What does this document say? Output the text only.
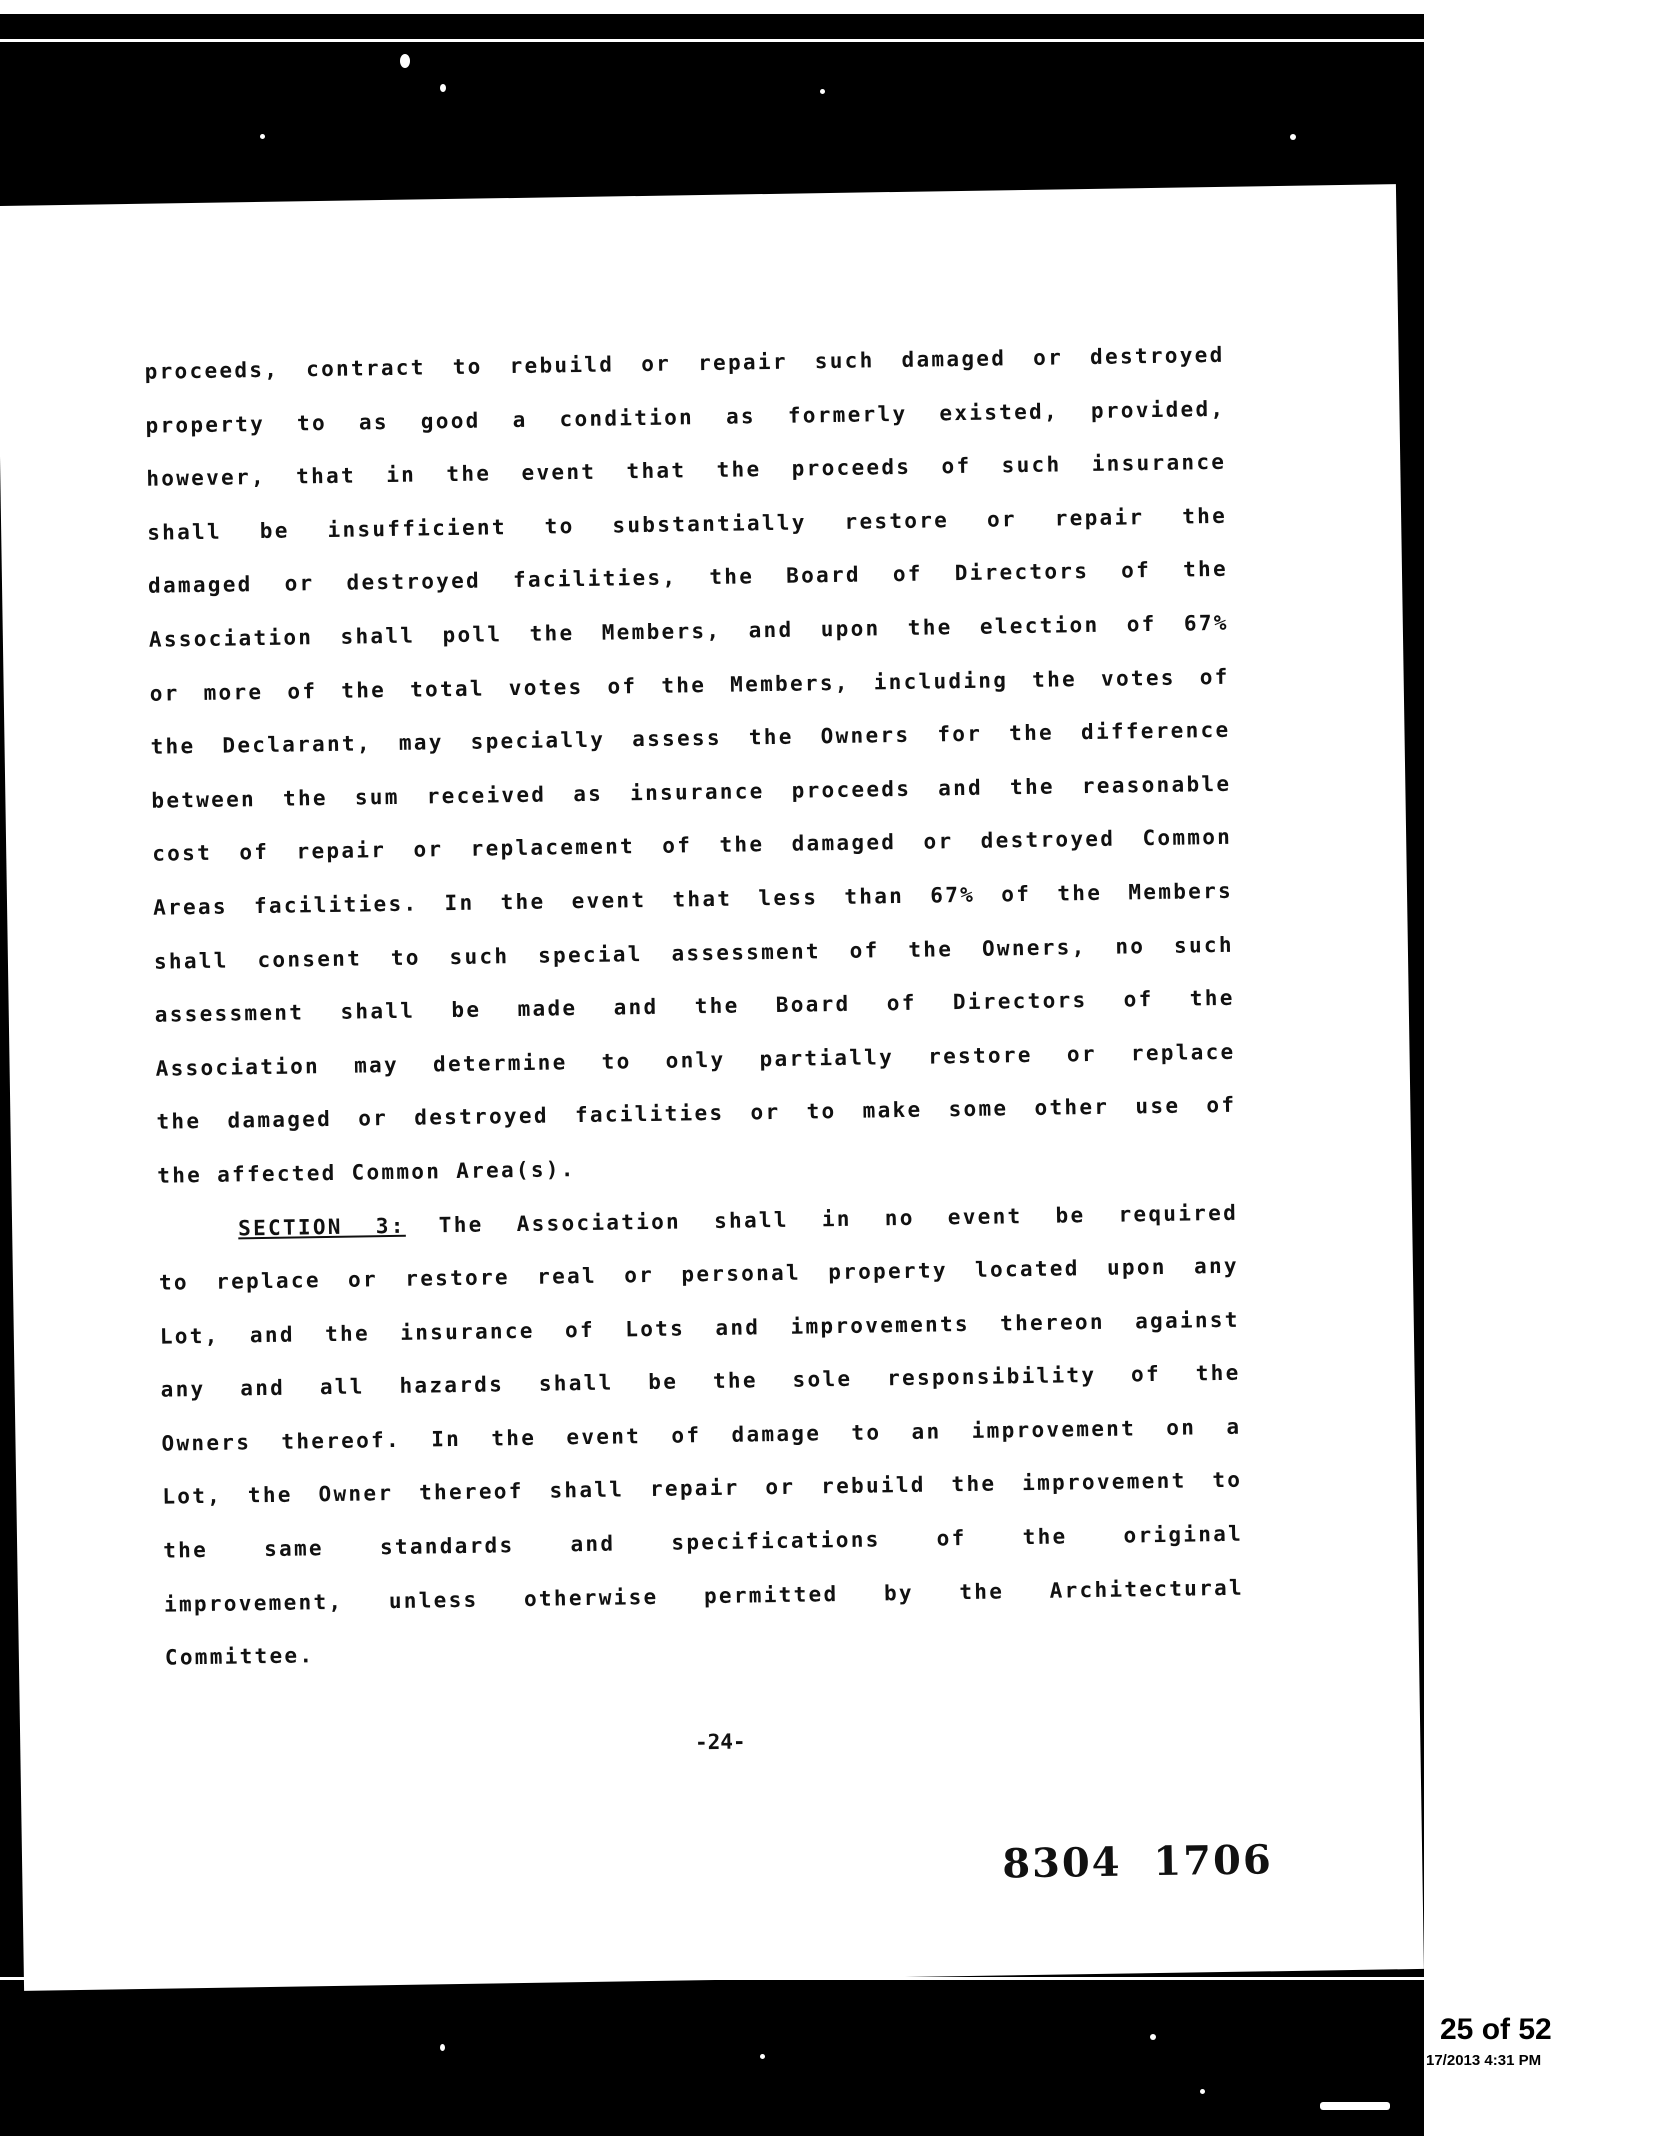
proceeds, contract to rebuild or repair such damaged or destroyed
property to as good a condition as formerly existed, provided,
however, that in the event that the proceeds of such insurance
shall be insufficient to substantially restore or repair the
damaged or destroyed facilities, the Board of Directors of the
Association shall poll the Members, and upon the election of 67%
or more of the total votes of the Members, including the votes of
the Declarant, may specially assess the Owners for the difference
between the sum received as insurance proceeds and the reasonable
cost of repair or replacement of the damaged or destroyed Common
Areas facilities. In the event that less than 67% of the Members
shall consent to such special assessment of the Owners, no such
assessment shall be made and the Board of Directors of the
Association may determine to only partially restore or replace
the damaged or destroyed facilities or to make some other use of
the affected Common Area(s).
SECTION 3: The Association shall in no event be required
to replace or restore real or personal property located upon any
Lot, and the insurance of Lots and improvements thereon against
any and all hazards shall be the sole responsibility of the
Owners thereof. In the event of damage to an improvement on a
Lot, the Owner thereof shall repair or rebuild the improvement to
the same standards and specifications of the original
improvement, unless otherwise permitted by the Architectural
Committee.
-24-
8304  1706
25 of 52
17/2013 4:31 PM
